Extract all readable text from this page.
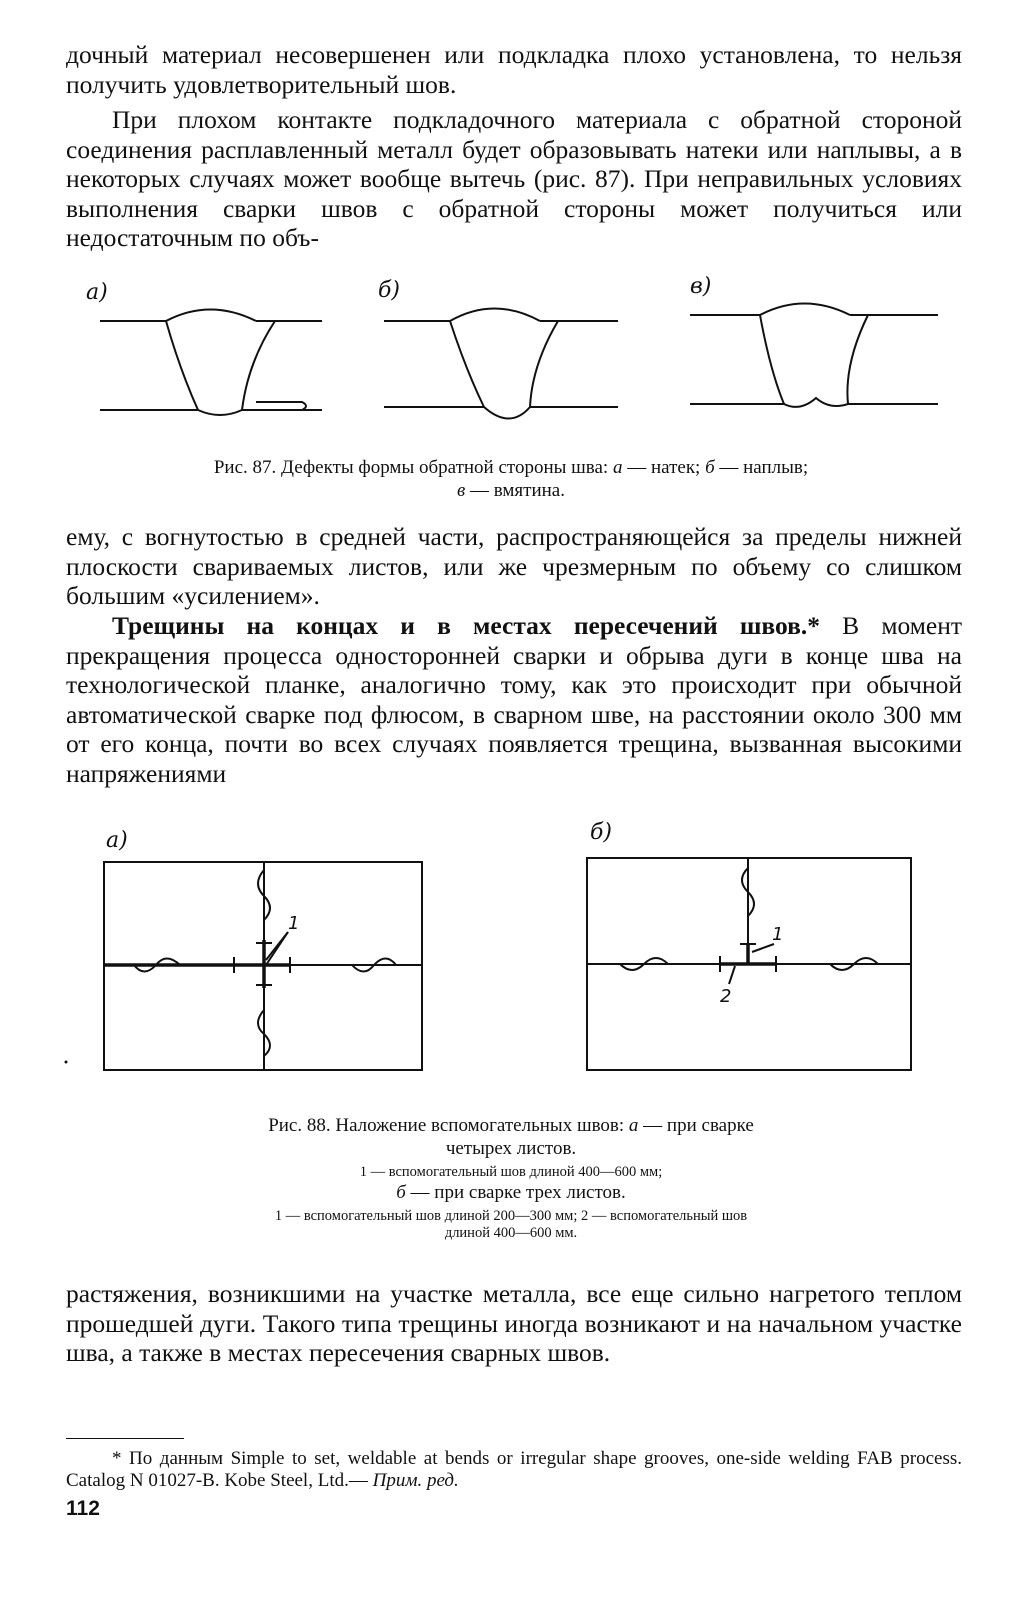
дочный материал несовершенен или подкладка плохо установлена, то нельзя получить удовлетворительный шов.

При плохом контакте подкладочного материала с обратной стороной соединения расплавленный металл будет образовывать натеки или наплывы, а в некоторых случаях может вообще вытечь (рис. 87). При неправильных условиях выполнения сварки швов с обратной стороны может получиться или недостаточным по объ-

а)	б)	в)

Рис. 87. Дефекты формы обратной стороны шва: а — натек; б — наплыв;
в — вмятина.

ему, с вогнутостью в средней части, распространяющейся за пределы нижней плоскости свариваемых листов, или же чрезмерным по объему со слишком большим «усилением».

Трещины на концах и в местах пересечений швов.* В момент прекращения процесса односторонней сварки и обрыва дуги в конце шва на технологической планке, аналогично тому, как это происходит при обычной автоматической сварке под флюсом, в сварном шве, на расстоянии около 300 мм от его конца, почти во всех случаях появляется трещина, вызванная высокими напряжениями

а)	б)
1
1
2
Рис. 88. Наложение вспомогательных швов: а — при сварке
четырех листов.
1 — вспомогательный шов длиной 400—600 мм;
б — при сварке трех листов.
1 — вспомогательный шов длиной 200—300 мм; 2 — вспомогательный шов
длиной 400—600 мм.

растяжения, возникшими на участке металла, все еще сильно нагретого теплом прошедшей дуги. Такого типа трещины иногда возникают и на начальном участке шва, а также в местах пересечения сварных швов.

* По данным Simple to set, weldable at bends or irregular shape grooves, one-side welding FAB process. Catalog N 01027-B. Kobe Steel, Ltd.— Прим. ред.

112
